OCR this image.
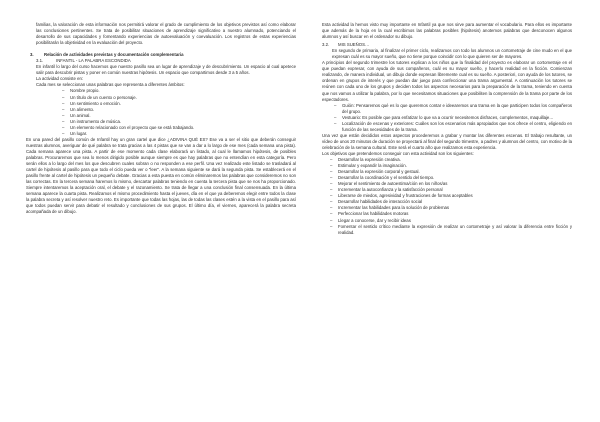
familias, la valoración de esta información nos permitirá valorar el grado de cumplimiento de los objetivos previstos así como elaborar las conclusiones pertinentes. Se trata de posibilitar situaciones de aprendizaje significativo a nuestro alumnado, potenciando el desarrollo de sus capacidades y fomentando experiencias de autoevaluación y coevaluación. Los registros de estas experiencias posibilitarán la objetividad en la evaluación del proyecto.

3.	Relación de actividades previstas y documentación complementaria
3.1.	INFANTIL - LA PALABRA ESCONDIDA

En infantil lo largo del curso hacemos que nuestro pasillo sea un lugar de aprendizaje y de descubrimiento. Un espacio al cual apetece salir para descubrir pistas y poner en común nuestras hipótesis. Un espacio que compartimos desde 3 a 5 años.

La actividad consiste en:

Cada mes se seleccionan unas palabras que representa a diferentes ámbitos:

–	Nombre propio.
–	Un título de un cuento o personaje.
–	Un sentimiento o emoción.
–	Un alimento.
–	Un animal.
–	Un instrumento de música.
–	Un elemento relacionado con el proyecto que se está trabajando.
–	Un lugar.

En una pared del pasillo común de Infantil hay un gran cartel que dice ¿ADIVINA QUÉ ES? Ese va a ser el sitio que deberán conseguir nuestras alumnos, averiguar de qué palabra se trata gracias a las 4 pistas que se van a dar a lo largo de ese mes (cada semana una pista). Cada semana aparece una pista. A partir de ese momento cada clase elaborará un listado, al cual le llamamos hipótesis, de posibles palabras. Procuraremos que sea lo menos dirigido posible aunque siempre es que hay palabras que no entendían en esta categoría. Pero serán ellos a lo largo del mes los que descubren cuales sobran o no responden a ese perfil. Una vez realizado este listado se trasladará al cartel de hipótesis al pasillo para que todo el ciclo pueda ver o “leer”. A la semana siguiente se dará la segunda pista. Se establecerá en el pasillo frente al cartel de hipótesis un pequeño debate. Gracias a esta puesta en común eliminaremos las palabras que consideremos no son las correctas. En la tercera semana haremos lo mismo, descartar palabras teniendo en cuenta la tercera pista que se nos ha proporcionado. Siempre intentaremos la aceptación oral, el debate y el razonamiento. Se trata de llegar a una conclusión final consensuada. En la última semana aparece la cuarta pista. Realizamos el mismo procedimiento hasta el jueves, día en el que ya deberemos elegir entre todos la clase la palabra secreta y así resolver nuestro reto. Es importante que todas las hojas, las de todas las clases estén a la vista en el pasillo para así que todos puedan servir para debatir el resultado y conclusiones de sus grupos. El último día, el viernes, aparecerá la palabra secreta acompañada de un dibujo.

Esta actividad la hemos visto muy importante en Infantil ya que nos sirve para aumentar el vocabulario. Para ellos es importante que además de la hoja en la cual escribimos las palabras posibles (hipótesis) anotemos palabras que desconocen algunos alumnos y así buscar en el ordenador su dibujo.

3.2.	MIS SUEÑOS…

En segundo de primaria, al finalizar el primer ciclo, realizamos con todo los alumnos un cortometraje de cine mudo en el que expresan cuál es su mayor sueño, que no tiene porque coincidir con lo que quieren ser de mayores.

A principios del segundo trimestre los tutores explican a los niños que la finalidad del proyecto es elaborar un cortometraje en el que puedan expresar, con ayuda de sus compañeros, cuál es su mayor sueño, y hacerlo realidad en la ficción. Comienzan realizando, de manera individual, un dibujo donde expresan libremente cual es su sueño. A posteriori, con ayuda de los tutores, se ordenan en grupos de interés y que puedan dar juego para confeccionar una trama argumental. A continuación los tutores se reúnen con cada uno de los grupos y deciden todos los aspectos necesarios para la preparación de la trama, teniendo en cuenta que nos vamos a utilizar la palabra, por lo que necesitamos situaciones que posibiliten la comprensión de la trama por parte de los espectadores.

–	Guión: Pensaremos qué es lo que queremos contar e ideearemos una trama en la que participen todos los compañeros del grupo.
–	Vestuario: Es posible que para enfatizar lo que va a ocurrir necesitemos disfraces, complementos, maquillaje…
–	Localización de escenas y exteriores: Cuáles son los escenarios más apropiados que nos ofrece el centro, eligiendo en función de las necesidades de la trama.

Una vez que están decididos estos aspectos procederemos a grabar y montar las diferentes escenas. El trabajo resultante, un vídeo de unos 20 minutos de duración se proyectará al final del segundo trimestre, a padres y alumnos del centro, con motivo de la celebración de la semana cultural. Este será el cuarto año que realizamos esta experiencia.

Los objetivos que pretendemos conseguir con esta actividad son los siguientes:

–	Desarrollar la expresión creativa.
–	Estimular y expandir la imaginación.
–	Desarrollar la expresión corporal y gestual.
–	Desarrollar la coordinación y el sentido del tiempo.
–	Mejorar el sentimiento de autoestima/ción en los niños/as
–	Incrementar la autoconfianza y la satisfacción personal
–	Liberarse de miedos, agresividad y frustraciones de formas aceptables
–	Desarrollar habilidades de interacción social
–	Incrementar las habilidades para la solución de problemas
–	Perfeccionar las habilidades motoras
–	Llegar a conocerse, dar y recibir ideas
–	Fomentar el sentido crítico mediante la expresión de realizar un cortometraje y así valorar la diferencia entre ficción y realidad.
